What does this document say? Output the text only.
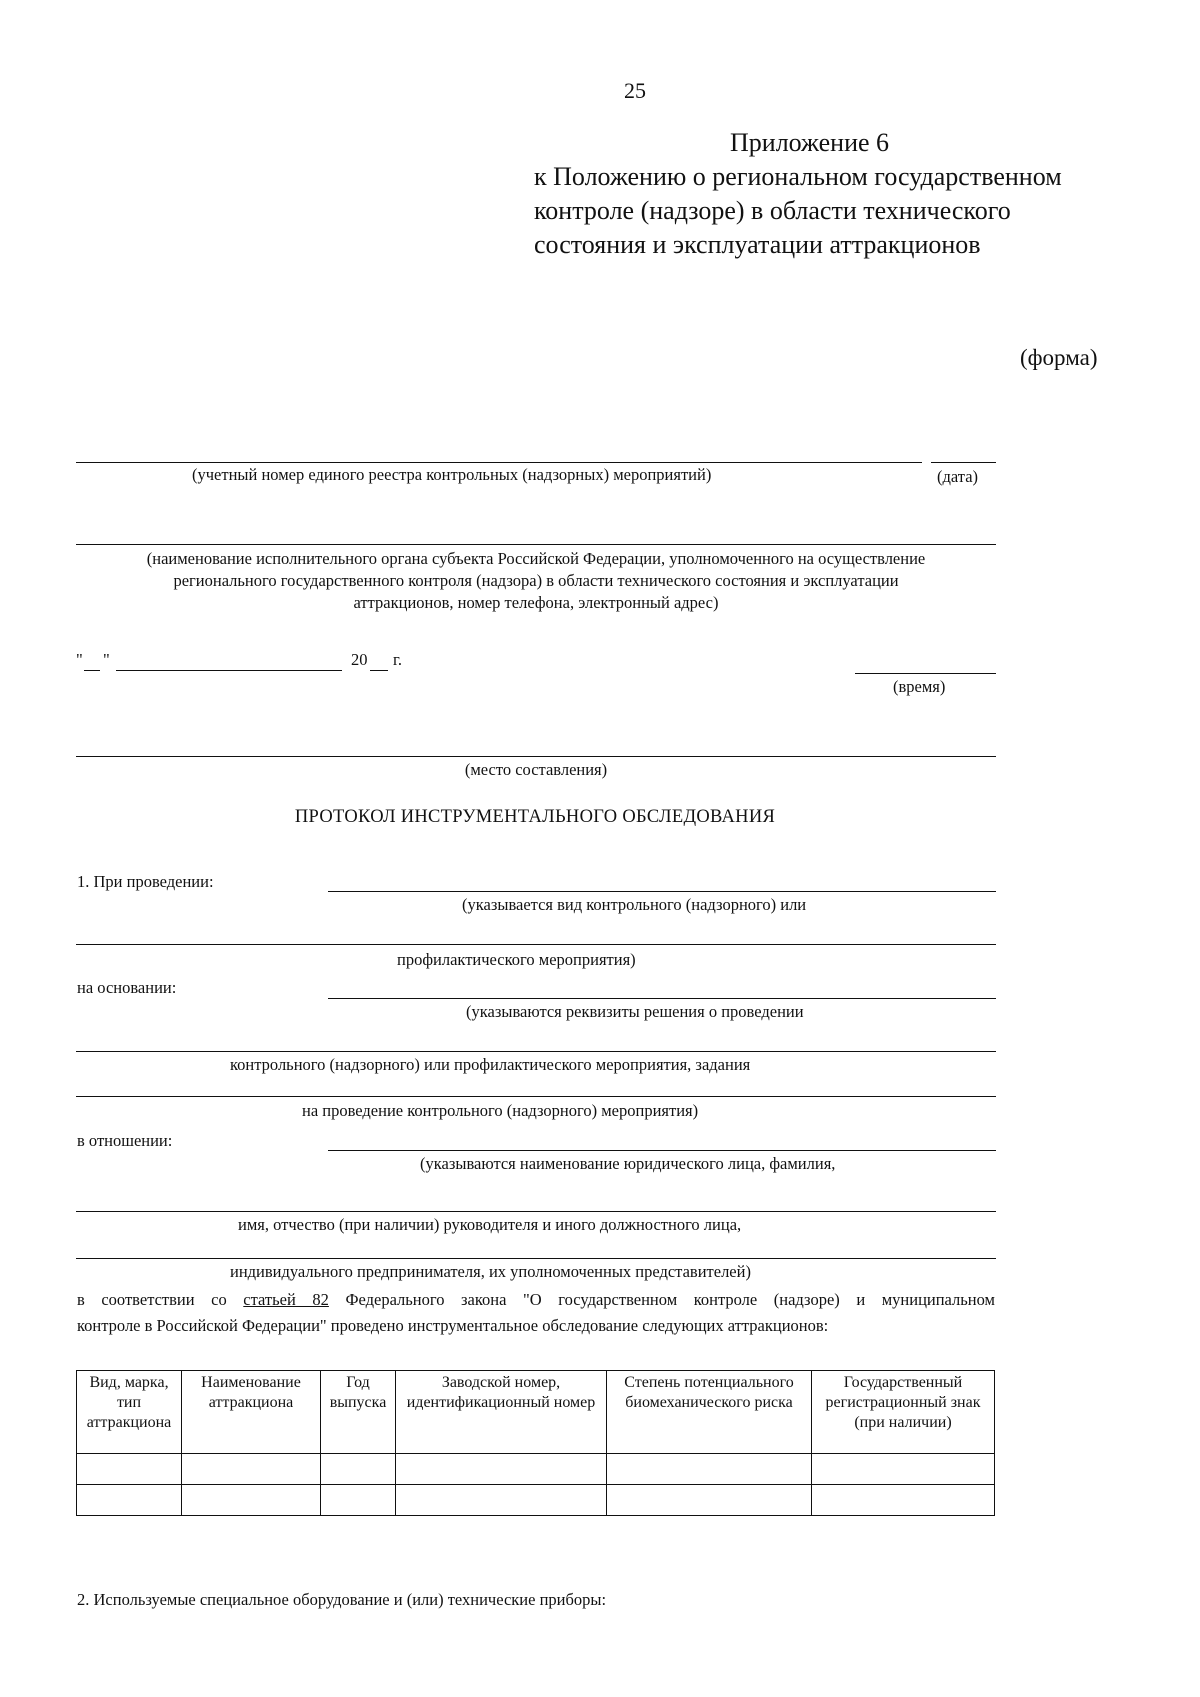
25
Приложение 6
к Положению о региональном государственном
контроле (надзоре) в области технического
состояния и эксплуатации аттракционов
(форма)
(учетный номер единого реестра контрольных (надзорных) мероприятий)	(дата)
(наименование исполнительного органа субъекта Российской Федерации, уполномоченного на осуществление
регионального государственного контроля (надзора) в области технического состояния и эксплуатации
аттракционов, номер телефона, электронный адрес)
" "	20 г.
(время)
(место составления)
ПРОТОКОЛ ИНСТРУМЕНТАЛЬНОГО ОБСЛЕДОВАНИЯ
1. При проведении:
(указывается вид контрольного (надзорного) или
профилактического мероприятия)
на основании:
(указываются реквизиты решения о проведении
контрольного (надзорного) или профилактического мероприятия, задания
на проведение контрольного (надзорного) мероприятия)
в отношении:
(указываются наименование юридического лица, фамилия,
имя, отчество (при наличии) руководителя и иного должностного лица,
индивидуального предпринимателя, их уполномоченных представителей)
в соответствии со статьей 82 Федерального закона "О государственном контроле (надзоре) и муниципальном
контроле в Российской Федерации" проведено инструментальное обследование следующих аттракционов:
Вид, марка, тип аттракциона	Наименование аттракциона	Год выпуска	Заводской номер, идентификационный номер	Степень потенциального биомеханического риска	Государственный регистрационный знак (при наличии)

2. Используемые специальное оборудование и (или) технические приборы:
